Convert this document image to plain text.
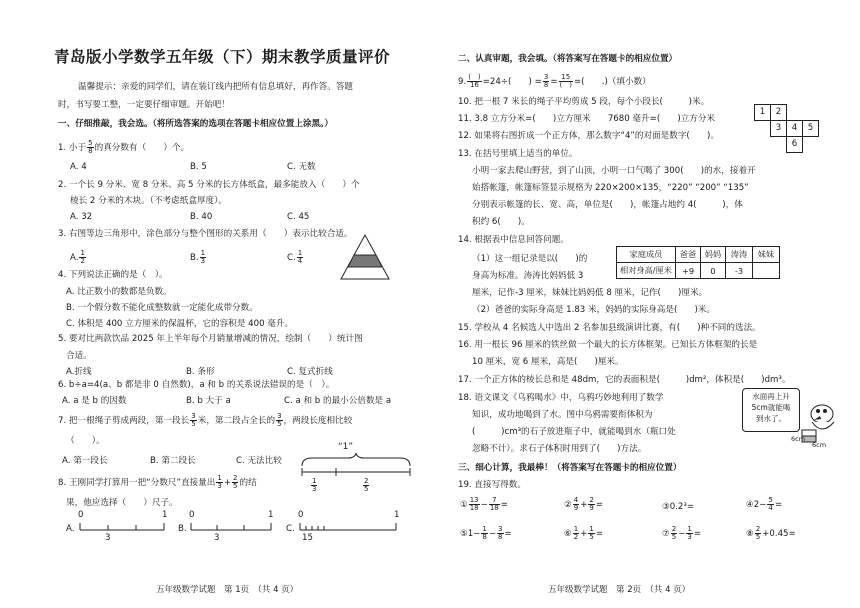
青岛版小学数学五年级（下）期末教学质量评价
温馨提示：亲爱的同学们，请在装订线内把所有信息填好，再作答。答题
时，书写要工整，一定要仔细审题。开始吧！
一、仔细推敲，我会选。（将所选答案的选项在答题卡相应位置上涂黑。）
1. 小于 $\frac{5}{8}$ 的真分数有（　　）个。
A. 4	B. 5	C. 无数
2. 一个长 9 分米、宽 8 分米、高 5 分米的长方体纸盒，最多能放入（　　）个
棱长 2 分米的木块。（不考虑纸盒厚度）。
A. 32	B. 40	C. 45
3. 右图等边三角形中，涂色部分与整个图形的关系用（　　）表示比较合适。
A. $\frac{1}{2}$	B. $\frac{1}{3}$	C. $\frac{1}{4}$
4. 下列说法正确的是（　）。
A. 比正数小的数都是负数。
B. 一个假分数不能化成整数就一定能化成带分数。
C. 体积是 400 立方厘米的保温杯，它的容积是 400 毫升。
5. 要对比两款饮品 2025 年上半年每个月销量增减的情况，绘制（　　）统计图
合适。
A.折线	B. 条形	C. 复式折线
6. b÷a=4(a、b 都是非 0 自然数)，a 和 b 的关系说法错误的是（　）。
A. a 是 b 的因数	B. b 大于 a	C. a 和 b 的最小公倍数是 a
7. 把一根绳子剪成两段，第一段长 $\frac{3}{5}$ 米，第二段占全长的 $\frac{3}{5}$ ，两段长度相比较
（　　）。
A. 第一段长	B. 第二段长	C. 无法比较
8. 王刚同学打算用一把“分数尺”直接量出 $\frac{1}{3} + \frac{2}{5}$ 的结
果，他应选择（　　）尺子。
“1”
$\frac{1}{3}$	$\frac{2}{5}$
A.
0	1
3
B.
0	1
3
C.
0	1
15
五年级数学试题　第 1页　（共 4 页）
二、认真审题，我会填。（将答案写在答题卡的相应位置）
9. $\frac{( )}{16} =24\div$(　　) = $\frac{3}{8} = \frac{15}{( )}$ =(　　.)（填小数）
10. 把一根 7 米长的绳子平均剪成 5 段，每个小段长(　　　)米。
11. 3.8 立方分米=(　　)立方厘米　　7680 毫升=(　　)立方分米
12. 如果将右图折成一个正方体，那么数字“4”的对面是数字(　　)。
1	2
3	4	5
6
13. 在括号里填上适当的单位。
小明一家去爬山野营，到了山顶，小明一口气喝了 300(　　)的水，接着开
始搭帐篷，帐篷标签显示规格为 220×200×135，“220” “200” “135”
分别表示帐篷的长、宽、高，单位是(　　)，帐篷占地约 4(　　　)，体
积约 6(　　)。
14. 根据表中信息回答问题。
（1）这一组记录是以(　　)的
身高为标准。涛涛比妈妈低 3
厘米，记作-3 厘米，妹妹比妈妈低 8 厘米，记作(　　)厘米。
（2）爸爸的实际身高是 1.83 米，妈妈的实际身高是(　　)米。
家庭成员	爸爸	妈妈	涛涛	妹妹
相对身高/厘米	+9	0	-3	
15. 学校从 4 名候选人中选出 2 名参加县级演讲比赛，有(　　)种不同的选法。
16. 用一根长 96 厘米的铁丝做一个最大的长方体框架。已知长方体框架的长是
10 厘米，宽 6 厘米，高是(　　)厘米。
17. 一个正方体的棱长总和是 48dm，它的表面积是(　　　)dm²，体积是(　　)dm³。
18. 语文课文《乌鸦喝水》中，乌鸦巧妙地利用了数学
知识，成功地喝到了水。图中乌鸦需要衔体积为
(　　　)cm³的石子放进瓶子中，就能喝到水（瓶口处
忽略不计）。求石子体积时用到了(　　)方法。
水面再上升
5cm就能喝
到水了。
6cm
6cm
三、细心计算，我最棒！（将答案写在答题卡的相应位置）
19. 直接写得数。
① $\frac{13}{18} - \frac{7}{18}$ =	② $\frac{4}{9} + \frac{2}{9}$ =	③0.2³=	④2− $\frac{5}{4}$ =
⑤1− $\frac{1}{8} - \frac{3}{8}$ =	⑥ $\frac{1}{2} + \frac{1}{5}$ =	⑦ $\frac{2}{5} - \frac{1}{3}$ =	⑧ $\frac{2}{5} +0.45=$
五年级数学试题　第 2页　（共 4 页）
